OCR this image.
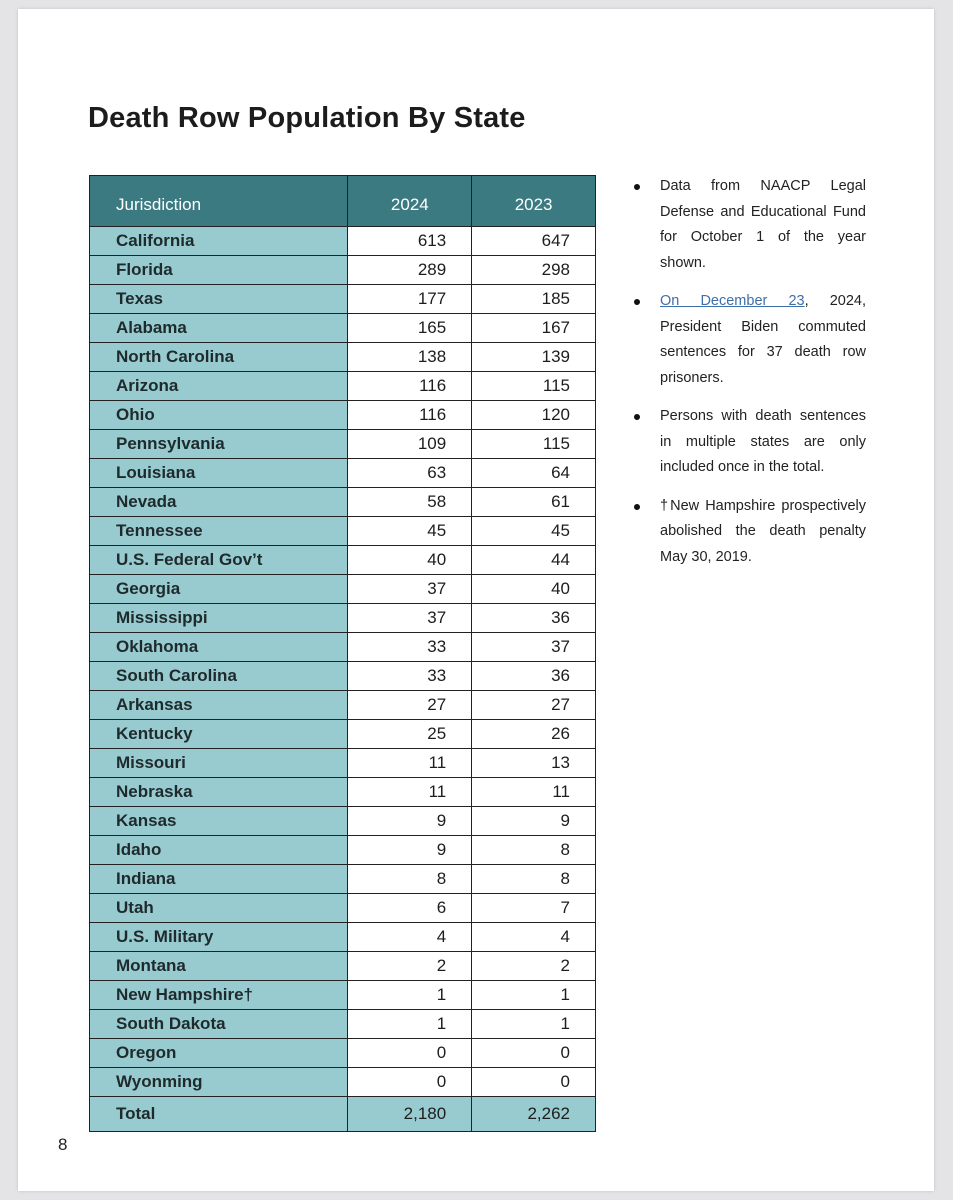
Death Row Population By State
Jurisdiction	2024	2023
California	613	647
Florida	289	298
Texas	177	185
Alabama	165	167
North Carolina	138	139
Arizona	116	115
Ohio	116	120
Pennsylvania	109	115
Louisiana	63	64
Nevada	58	61
Tennessee	45	45
U.S. Federal Gov’t	40	44
Georgia	37	40
Mississippi	37	36
Oklahoma	33	37
South Carolina	33	36
Arkansas	27	27
Kentucky	25	26
Missouri	11	13
Nebraska	11	11
Kansas	9	9
Idaho	9	8
Indiana	8	8
Utah	6	7
U.S. Military	4	4
Montana	2	2
New Hampshire†	1	1
South Dakota	1	1
Oregon	0	0
Wyonming	0	0
Total	2,180	2,262
Data from NAACP Legal Defense and Educational Fund for October 1 of the year shown.
On December 23, 2024, President Biden commuted sentences for 37 death row prisoners.
Persons with death sentences in multiple states are only included once in the total.
†New Hampshire prospectively abolished the death penalty May 30, 2019.
8
